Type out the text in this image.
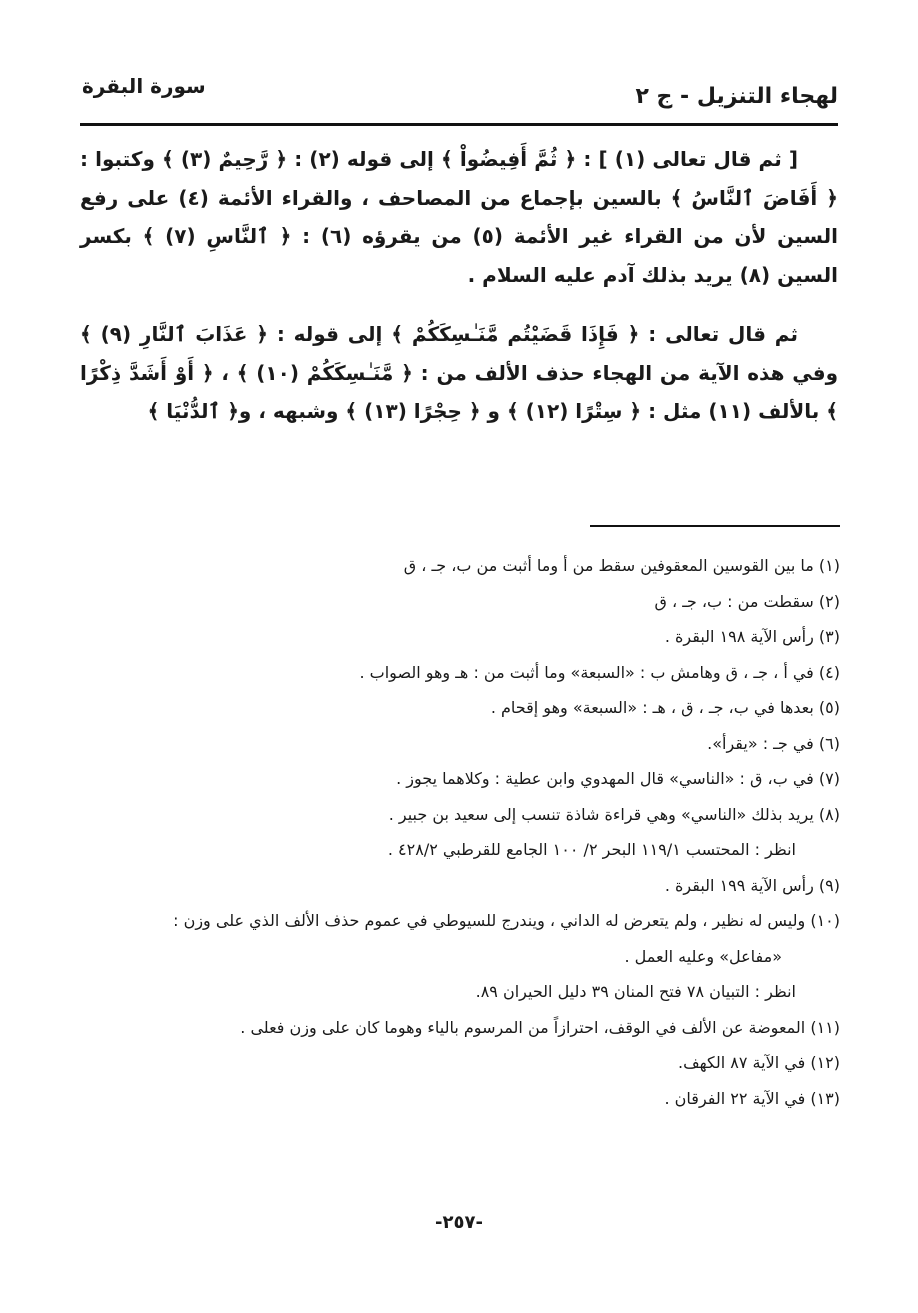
سورة البقرة	لهجاء التنزيل - ج ٢

[ ثم قال تعالى (١) ] : ﴿ ثُمَّ أَفِيضُواْ ﴾ إلى قوله (٢) : ﴿ رَّحِيمٌ (٣) ﴾ وكتبوا : ﴿ أَفَاضَ ٱلنَّاسُ ﴾ بالسين بإجماع من المصاحف ، والقراء الأئمة (٤) على رفع السين لأن من القراء غير الأئمة (٥) من يقرؤه (٦) : ﴿ ٱلنَّاسِ (٧) ﴾ بكسر السين (٨) يريد بذلك آدم عليه السلام .

ثم قال تعالى : ﴿ فَإِذَا قَضَيْتُم مَّنَـٰسِكَكُمْ ﴾ إلى قوله : ﴿ عَذَابَ ٱلنَّارِ (٩) ﴾ وفي هذه الآية من الهجاء حذف الألف من : ﴿ مَّنَـٰسِكَكُمْ (١٠) ﴾ ، ﴿ أَوْ أَشَدَّ ذِكْرًا ﴾ بالألف (١١) مثل : ﴿ سِتْرًا (١٢) ﴾ و ﴿ حِجْرًا (١٣) ﴾ وشبهه ، و﴿ ٱلدُّنْيَا ﴾

(١) ما بين القوسين المعقوفين سقط من أ وما أثبت من ب، جـ ، ق
(٢) سقطت من : ب، جـ ، ق
(٣) رأس الآية ١٩٨ البقرة .
(٤) في أ ، جـ ، ق وهامش ب : «السبعة» وما أثبت من : هـ وهو الصواب .
(٥) بعدها في ب، جـ ، ق ، هـ : «السبعة» وهو إقحام .
(٦) في جـ : «يقرأ».
(٧) في ب، ق : «الناسي» قال المهدوي وابن عطية : وكلاهما يجوز .
(٨) يريد بذلك «الناسي» وهي قراءة شاذة تنسب إلى سعيد بن جبير .
انظر : المحتسب ١١٩/١ البحر ٢/ ١٠٠ الجامع للقرطبي ٤٢٨/٢ .
(٩) رأس الآية ١٩٩ البقرة .
(١٠) وليس له نظير ، ولم يتعرض له الداني ، ويندرج للسيوطي في عموم حذف الألف الذي على وزن :
«مفاعل» وعليه العمل .
انظر : التبيان ٧٨ فتح المنان ٣٩ دليل الحيران ٨٩.
(١١) المعوضة عن الألف في الوقف، احترازاً من المرسوم بالياء وهوما كان على وزن فعلى .
(١٢) في الآية ٨٧ الكهف.
(١٣) في الآية ٢٢ الفرقان .
-٢٥٧-
